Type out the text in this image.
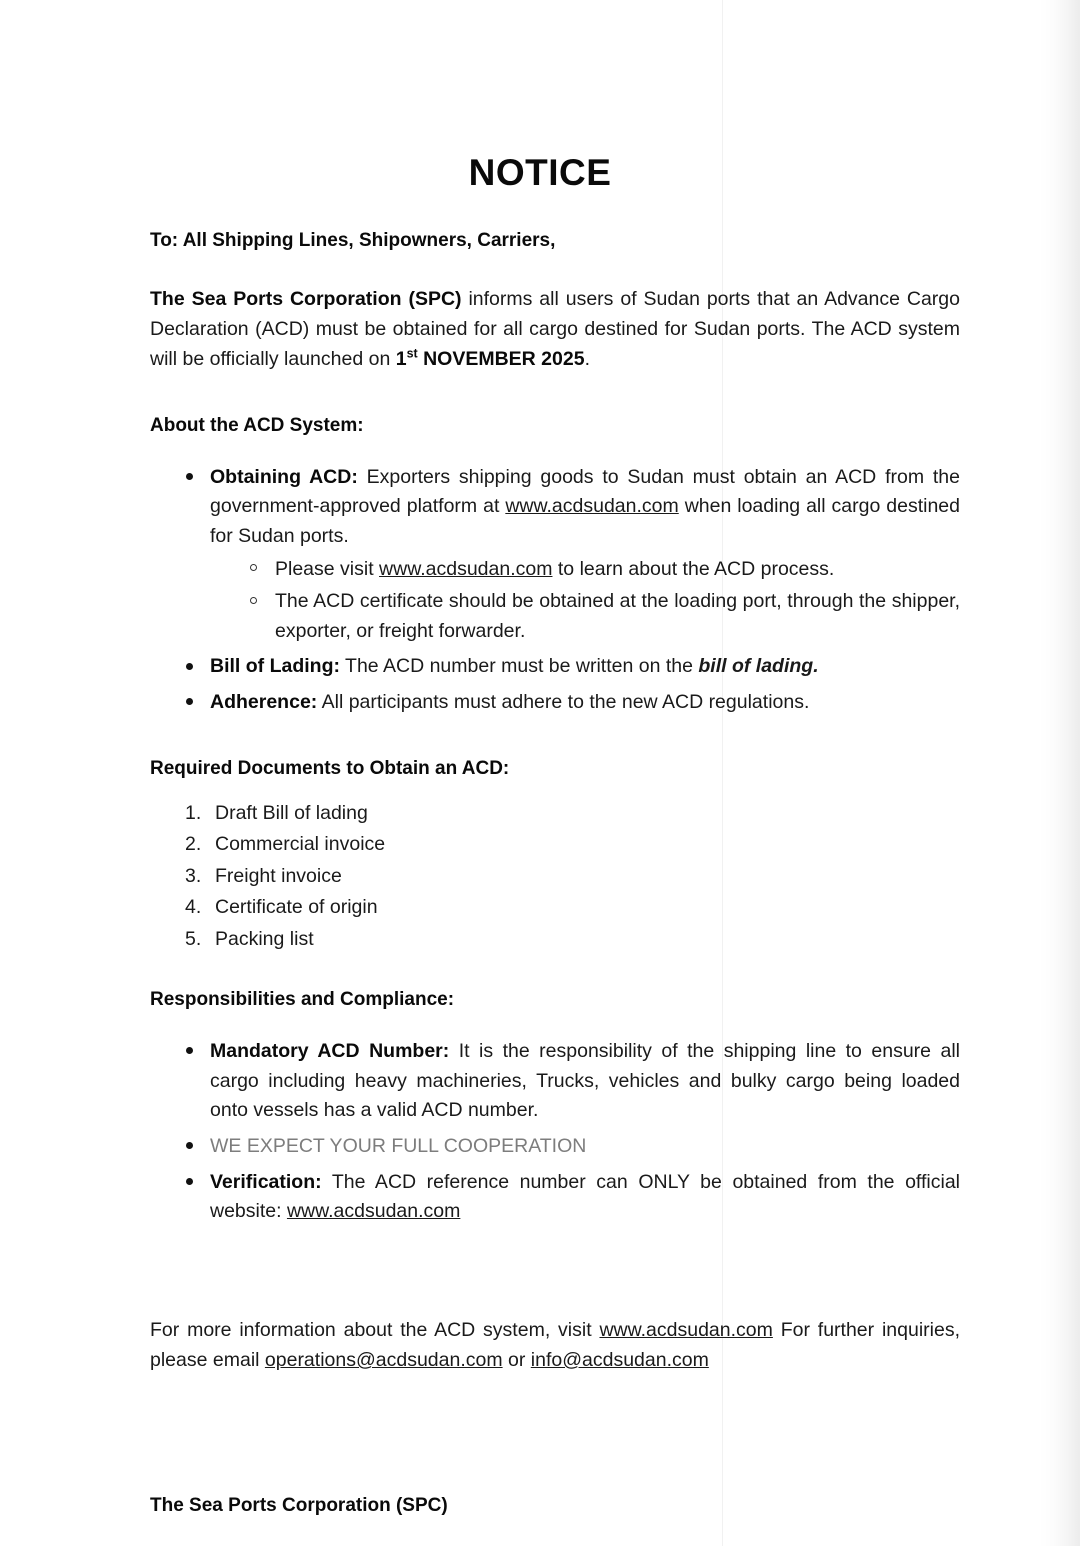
NOTICE
To: All Shipping Lines, Shipowners, Carriers,

The Sea Ports Corporation (SPC) informs all users of Sudan ports that an Advance Cargo Declaration (ACD) must be obtained for all cargo destined for Sudan ports. The ACD system will be officially launched on 1st NOVEMBER 2025.

About the ACD System:
Obtaining ACD: Exporters shipping goods to Sudan must obtain an ACD from the government-approved platform at www.acdsudan.com when loading all cargo destined for Sudan ports.
Please visit www.acdsudan.com to learn about the ACD process.
The ACD certificate should be obtained at the loading port, through the shipper, exporter, or freight forwarder.
Bill of Lading: The ACD number must be written on the bill of lading.
Adherence: All participants must adhere to the new ACD regulations.
Required Documents to Obtain an ACD:
1. Draft Bill of lading
2. Commercial invoice
3. Freight invoice
4. Certificate of origin
5. Packing list
Responsibilities and Compliance:
Mandatory ACD Number: It is the responsibility of the shipping line to ensure all cargo including heavy machineries, Trucks, vehicles and bulky cargo being loaded onto vessels has a valid ACD number.
WE EXPECT YOUR FULL COOPERATION
Verification: The ACD reference number can ONLY be obtained from the official website: www.acdsudan.com

For more information about the ACD system, visit www.acdsudan.com For further inquiries, please email operations@acdsudan.com or info@acdsudan.com

The Sea Ports Corporation (SPC)
